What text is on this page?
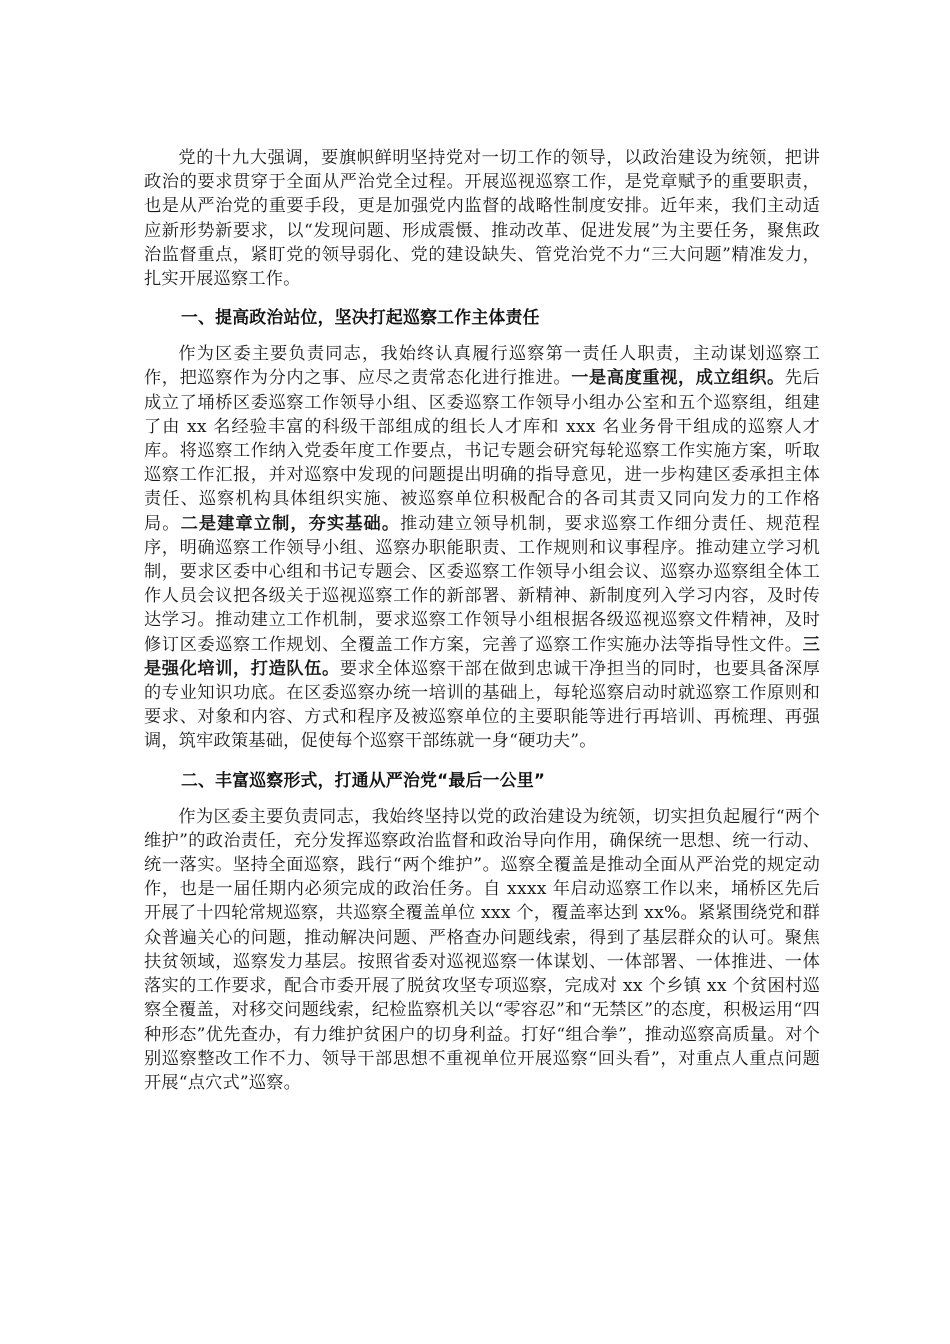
党的十九大强调，要旗帜鲜明坚持党对一切工作的领导，以政治建设为统领，把讲政治的要求贯穿于全面从严治党全过程。开展巡视巡察工作，是党章赋予的重要职责，也是从严治党的重要手段，更是加强党内监督的战略性制度安排。近年来，我们主动适应新形势新要求，以“发现问题、形成震慑、推动改革、促进发展”为主要任务，聚焦政治监督重点，紧盯党的领导弱化、党的建设缺失、管党治党不力“三大问题”精准发力，扎实开展巡察工作。

一、提高政治站位，坚决打起巡察工作主体责任

作为区委主要负责同志，我始终认真履行巡察第一责任人职责，主动谋划巡察工作，把巡察作为分内之事、应尽之责常态化进行推进。一是高度重视，成立组织。先后成立了埇桥区委巡察工作领导小组、区委巡察工作领导小组办公室和五个巡察组，组建了由 xx 名经验丰富的科级干部组成的组长人才库和 xxx 名业务骨干组成的巡察人才库。将巡察工作纳入党委年度工作要点，书记专题会研究每轮巡察工作实施方案，听取巡察工作汇报，并对巡察中发现的问题提出明确的指导意见，进一步构建区委承担主体责任、巡察机构具体组织实施、被巡察单位积极配合的各司其责又同向发力的工作格局。二是建章立制，夯实基础。推动建立领导机制，要求巡察工作细分责任、规范程序，明确巡察工作领导小组、巡察办职能职责、工作规则和议事程序。推动建立学习机制，要求区委中心组和书记专题会、区委巡察工作领导小组会议、巡察办巡察组全体工作人员会议把各级关于巡视巡察工作的新部署、新精神、新制度列入学习内容，及时传达学习。推动建立工作机制，要求巡察工作领导小组根据各级巡视巡察文件精神，及时修订区委巡察工作规划、全覆盖工作方案，完善了巡察工作实施办法等指导性文件。三是强化培训，打造队伍。要求全体巡察干部在做到忠诚干净担当的同时，也要具备深厚的专业知识功底。在区委巡察办统一培训的基础上，每轮巡察启动时就巡察工作原则和要求、对象和内容、方式和程序及被巡察单位的主要职能等进行再培训、再梳理、再强调，筑牢政策基础，促使每个巡察干部练就一身“硬功夫”。

二、丰富巡察形式，打通从严治党“最后一公里”

作为区委主要负责同志，我始终坚持以党的政治建设为统领，切实担负起履行“两个维护”的政治责任，充分发挥巡察政治监督和政治导向作用，确保统一思想、统一行动、统一落实。坚持全面巡察，践行“两个维护”。巡察全覆盖是推动全面从严治党的规定动作，也是一届任期内必须完成的政治任务。自 xxxx 年启动巡察工作以来，埇桥区先后开展了十四轮常规巡察，共巡察全覆盖单位 xxx 个，覆盖率达到 xx%。紧紧围绕党和群众普遍关心的问题，推动解决问题、严格查办问题线索，得到了基层群众的认可。聚焦扶贫领域，巡察发力基层。按照省委对巡视巡察一体谋划、一体部署、一体推进、一体落实的工作要求，配合市委开展了脱贫攻坚专项巡察，完成对 xx 个乡镇 xx 个贫困村巡察全覆盖，对移交问题线索，纪检监察机关以“零容忍”和“无禁区”的态度，积极运用“四种形态”优先查办，有力维护贫困户的切身利益。打好“组合拳”，推动巡察高质量。对个别巡察整改工作不力、领导干部思想不重视单位开展巡察“回头看”，对重点人重点问题开展“点穴式”巡察。
